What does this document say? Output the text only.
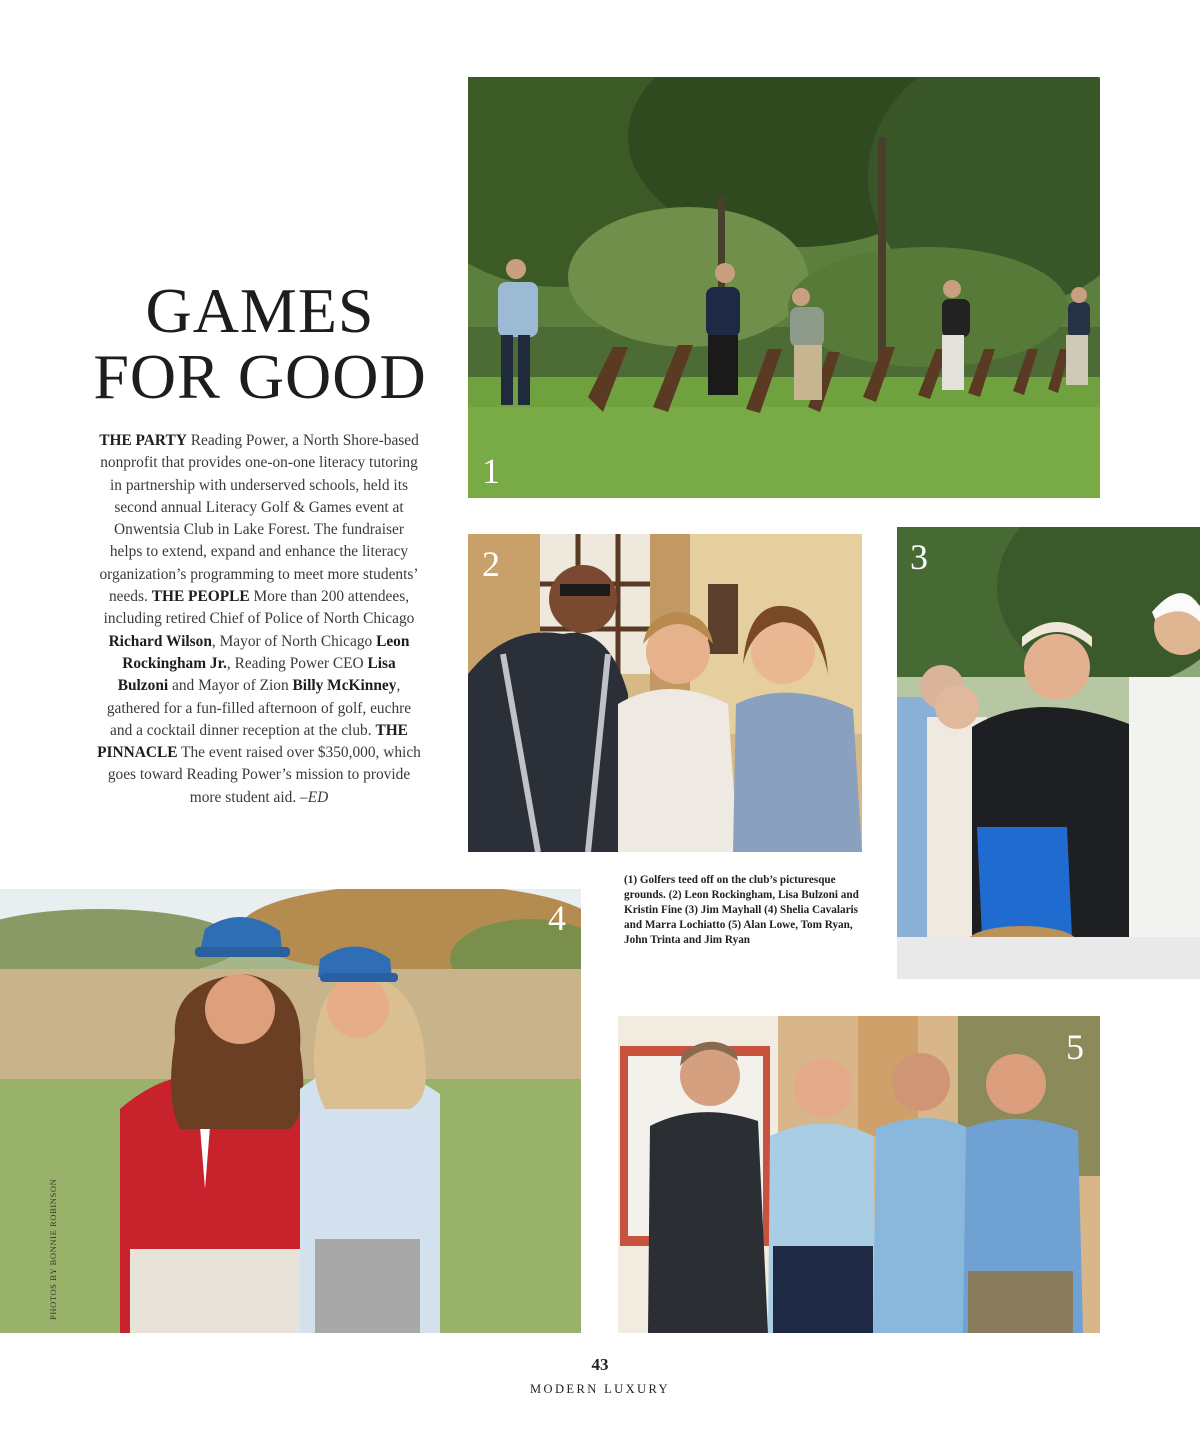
GAMES
FOR GOOD
THE PARTY Reading Power, a North Shore-based nonprofit that provides one-on-one literacy tutoring in partnership with underserved schools, held its second annual Literacy Golf & Games event at Onwentsia Club in Lake Forest. The fundraiser helps to extend, expand and enhance the literacy organization’s programming to meet more students’ needs. THE PEOPLE More than 200 attendees, including retired Chief of Police of North Chicago Richard Wilson, Mayor of North Chicago Leon Rockingham Jr., Reading Power CEO Lisa Bulzoni and Mayor of Zion Billy McKinney, gathered for a fun-filled afternoon of golf, euchre and a cocktail dinner reception at the club. THE PINNACLE The event raised over $350,000, which goes toward Reading Power’s mission to provide more student aid. –ED
1
2	3
4
5
(1) Golfers teed off on the club’s picturesque grounds. (2) Leon Rockingham, Lisa Bulzoni and Kristin Fine (3) Jim Mayhall (4) Shelia Cavalaris and Marra Lochiatto (5) Alan Lowe, Tom Ryan, John Trinta and Jim Ryan
PHOTOS BY BONNIE ROBINSON
43
MODERN LUXURY
